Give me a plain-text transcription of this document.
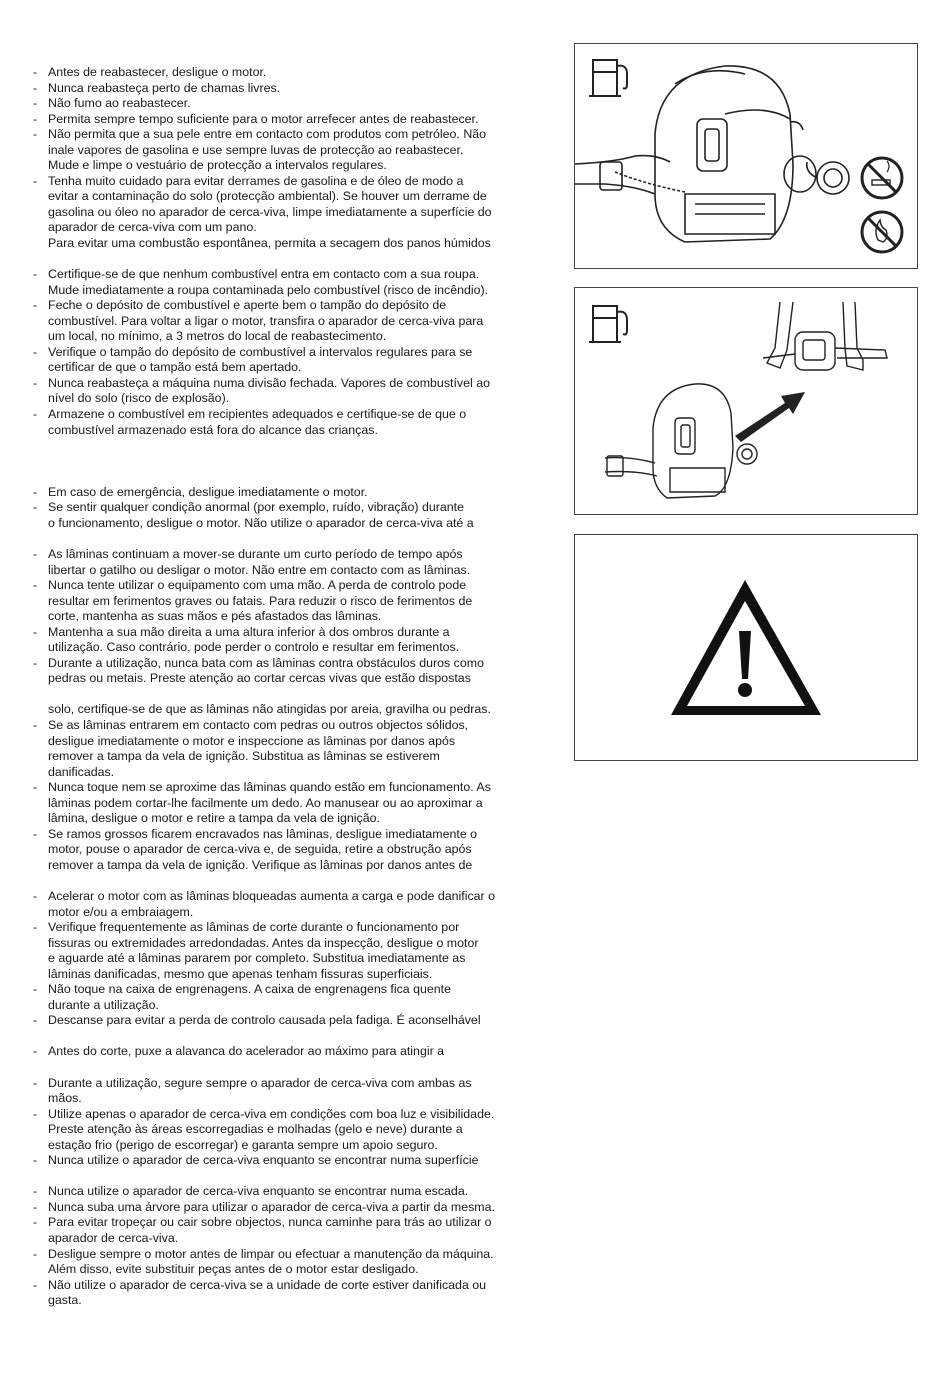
- Antes de reabastecer, desligue o motor.
- Nunca reabasteça perto de chamas livres.
- Não fumo ao reabastecer.
- Permita sempre tempo suficiente para o motor arrefecer antes de reabastecer.
- Não permita que a sua pele entre em contacto com produtos com petróleo. Não
inale vapores de gasolina e use sempre luvas de protecção ao reabastecer.
Mude e limpe o vestuário de protecção a intervalos regulares.
- Tenha muito cuidado para evitar derrames de gasolina e de óleo de modo a
evitar a contaminação do solo (protecção ambiental). Se houver um derrame de
gasolina ou óleo no aparador de cerca-viva, limpe imediatamente a superfície do
aparador de cerca-viva com um pano.
Para evitar uma combustão espontânea, permita a secagem dos panos húmidos
- Certifique-se de que nenhum combustível entra em contacto com a sua roupa.
Mude imediatamente a roupa contaminada pelo combustível (risco de incêndio).
- Feche o depósito de combustível e aperte bem o tampão do depósito de
combustível. Para voltar a ligar o motor, transfira o aparador de cerca-viva para
um local, no mínimo, a 3 metros do local de reabastecimento.
- Verifique o tampão do depósito de combustível a intervalos regulares para se
certificar de que o tampão está bem apertado.
- Nunca reabasteça a máquina numa divisão fechada. Vapores de combustível ao
nível do solo (risco de explosão).
- Armazene o combustível em recipientes adequados e certifique-se de que o
combustível armazenado está fora do alcance das crianças.
- Em caso de emergência, desligue imediatamente o motor.
- Se sentir qualquer condição anormal (por exemplo, ruído, vibração) durante
o funcionamento, desligue o motor. Não utilize o aparador de cerca-viva até a
- As lâminas continuam a mover-se durante um curto período de tempo após
libertar o gatilho ou desligar o motor. Não entre em contacto com as lâminas.
- Nunca tente utilizar o equipamento com uma mão. A perda de controlo pode
resultar em ferimentos graves ou fatais. Para reduzir o risco de ferimentos de
corte, mantenha as suas mãos e pés afastados das lâminas.
- Mantenha a sua mão direita a uma altura inferior à dos ombros durante a
utilização. Caso contrário, pode perder o controlo e resultar em ferimentos.
- Durante a utilização, nunca bata com as lâminas contra obstáculos duros como
pedras ou metais. Preste atenção ao cortar cercas vivas que estão dispostas
solo, certifique-se de que as lâminas não atingidas por areia, gravilha ou pedras.
- Se as lâminas entrarem em contacto com pedras ou outros objectos sólidos,
desligue imediatamente o motor e inspeccione as lâminas por danos após
remover a tampa da vela de ignição. Substitua as lâminas se estiverem
danificadas.
- Nunca toque nem se aproxime das lâminas quando estão em funcionamento. As
lâminas podem cortar-lhe facilmente um dedo. Ao manusear ou ao aproximar a
lâmina, desligue o motor e retire a tampa da vela de ignição.
- Se ramos grossos ficarem encravados nas lâminas, desligue imediatamente o
motor, pouse o aparador de cerca-viva e, de seguida, retire a obstrução após
remover a tampa da vela de ignição. Verifique as lâminas por danos antes de
- Acelerar o motor com as lâminas bloqueadas aumenta a carga e pode danificar o
motor e/ou a embraiagem.
- Verifique frequentemente as lâminas de corte durante o funcionamento por
fissuras ou extremidades arredondadas. Antes da inspecção, desligue o motor
e aguarde até a lâminas pararem por completo. Substitua imediatamente as
lâminas danificadas, mesmo que apenas tenham fissuras superficiais.
- Não toque na caixa de engrenagens. A caixa de engrenagens fica quente
durante a utilização.
- Descanse para evitar a perda de controlo causada pela fadiga. É aconselhável
- Antes do corte, puxe a alavanca do acelerador ao máximo para atingir a
- Durante a utilização, segure sempre o aparador de cerca-viva com ambas as
mãos.
- Utilize apenas o aparador de cerca-viva em condições com boa luz e visibilidade.
Preste atenção às áreas escorregadias e molhadas (gelo e neve) durante a
estação frio (perigo de escorregar) e garanta sempre um apoio seguro.
- Nunca utilize o aparador de cerca-viva enquanto se encontrar numa superfície
- Nunca utilize o aparador de cerca-viva enquanto se encontrar numa escada.
- Nunca suba uma árvore para utilizar o aparador de cerca-viva a partir da mesma.
- Para evitar tropeçar ou cair sobre objectos, nunca caminhe para trás ao utilizar o
aparador de cerca-viva.
- Desligue sempre o motor antes de limpar ou efectuar a manutenção da máquina.
Além disso, evite substituir peças antes de o motor estar desligado.
- Não utilize o aparador de cerca-viva se a unidade de corte estiver danificada ou
gasta.
